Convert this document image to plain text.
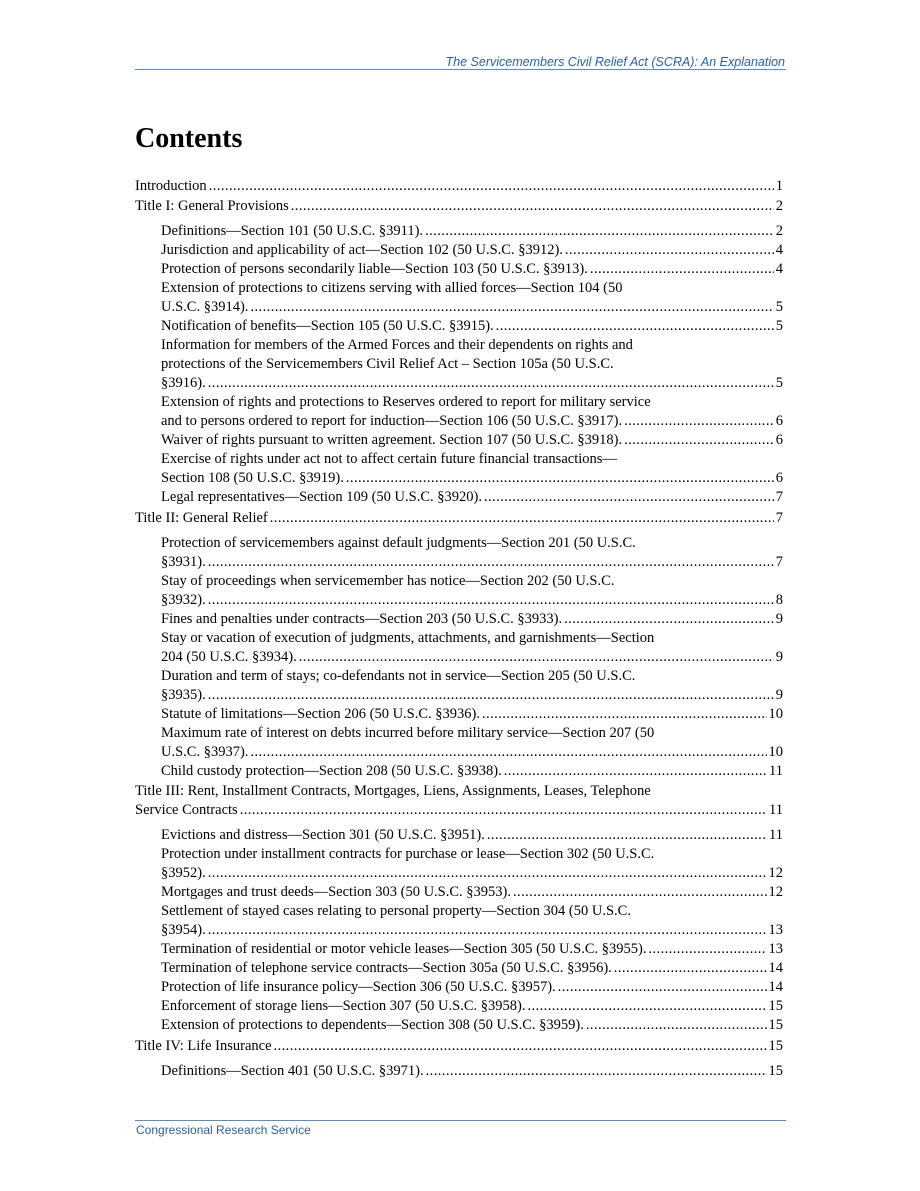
The Servicemembers Civil Relief Act (SCRA): An Explanation
Contents
Introduction . . .	1
Title I: General Provisions . . .	2
Definitions—Section 101 (50 U.S.C. §3911). . . .	2
Jurisdiction and applicability of act—Section 102 (50 U.S.C. §3912). . . .	4
Protection of persons secondarily liable—Section 103 (50 U.S.C. §3913). . . .	4
Extension of protections to citizens serving with allied forces—Section 104 (50
U.S.C. §3914). . . .	5
Notification of benefits—Section 105 (50 U.S.C. §3915). . . .	5
Information for members of the Armed Forces and their dependents on rights and
protections of the Servicemembers Civil Relief Act – Section 105a (50 U.S.C.
§3916). . . .	5
Extension of rights and protections to Reserves ordered to report for military service
and to persons ordered to report for induction—Section 106 (50 U.S.C. §3917). . . .	6
Waiver of rights pursuant to written agreement. Section 107 (50 U.S.C. §3918). . . .	6
Exercise of rights under act not to affect certain future financial transactions—
Section 108 (50 U.S.C. §3919). . . .	6
Legal representatives—Section 109 (50 U.S.C. §3920). . . .	7
Title II: General Relief . . .	7
Protection of servicemembers against default judgments—Section 201 (50 U.S.C.
§3931). . . .	7
Stay of proceedings when servicemember has notice—Section 202 (50 U.S.C.
§3932). . . .	8
Fines and penalties under contracts—Section 203 (50 U.S.C. §3933). . . .	9
Stay or vacation of execution of judgments, attachments, and garnishments—Section
204 (50 U.S.C. §3934). . . .	9
Duration and term of stays; co-defendants not in service—Section 205 (50 U.S.C.
§3935). . . .	9
Statute of limitations—Section 206 (50 U.S.C. §3936). . . .	10
Maximum rate of interest on debts incurred before military service—Section 207 (50
U.S.C. §3937). . . .	10
Child custody protection—Section 208 (50 U.S.C. §3938). . . .	11
Title III: Rent, Installment Contracts, Mortgages, Liens, Assignments, Leases, Telephone
Service Contracts . . .	11
Evictions and distress—Section 301 (50 U.S.C. §3951). . . .	11
Protection under installment contracts for purchase or lease—Section 302 (50 U.S.C.
§3952). . . .	12
Mortgages and trust deeds—Section 303 (50 U.S.C. §3953). . . .	12
Settlement of stayed cases relating to personal property—Section 304 (50 U.S.C.
§3954). . . .	13
Termination of residential or motor vehicle leases—Section 305 (50 U.S.C. §3955). . . .	13
Termination of telephone service contracts—Section 305a (50 U.S.C. §3956). . . .	14
Protection of life insurance policy—Section 306 (50 U.S.C. §3957). . . .	14
Enforcement of storage liens—Section 307 (50 U.S.C. §3958). . . .	15
Extension of protections to dependents—Section 308 (50 U.S.C. §3959). . . .	15
Title IV: Life Insurance . . .	15
Definitions—Section 401 (50 U.S.C. §3971). . . .	15
Congressional Research Service
